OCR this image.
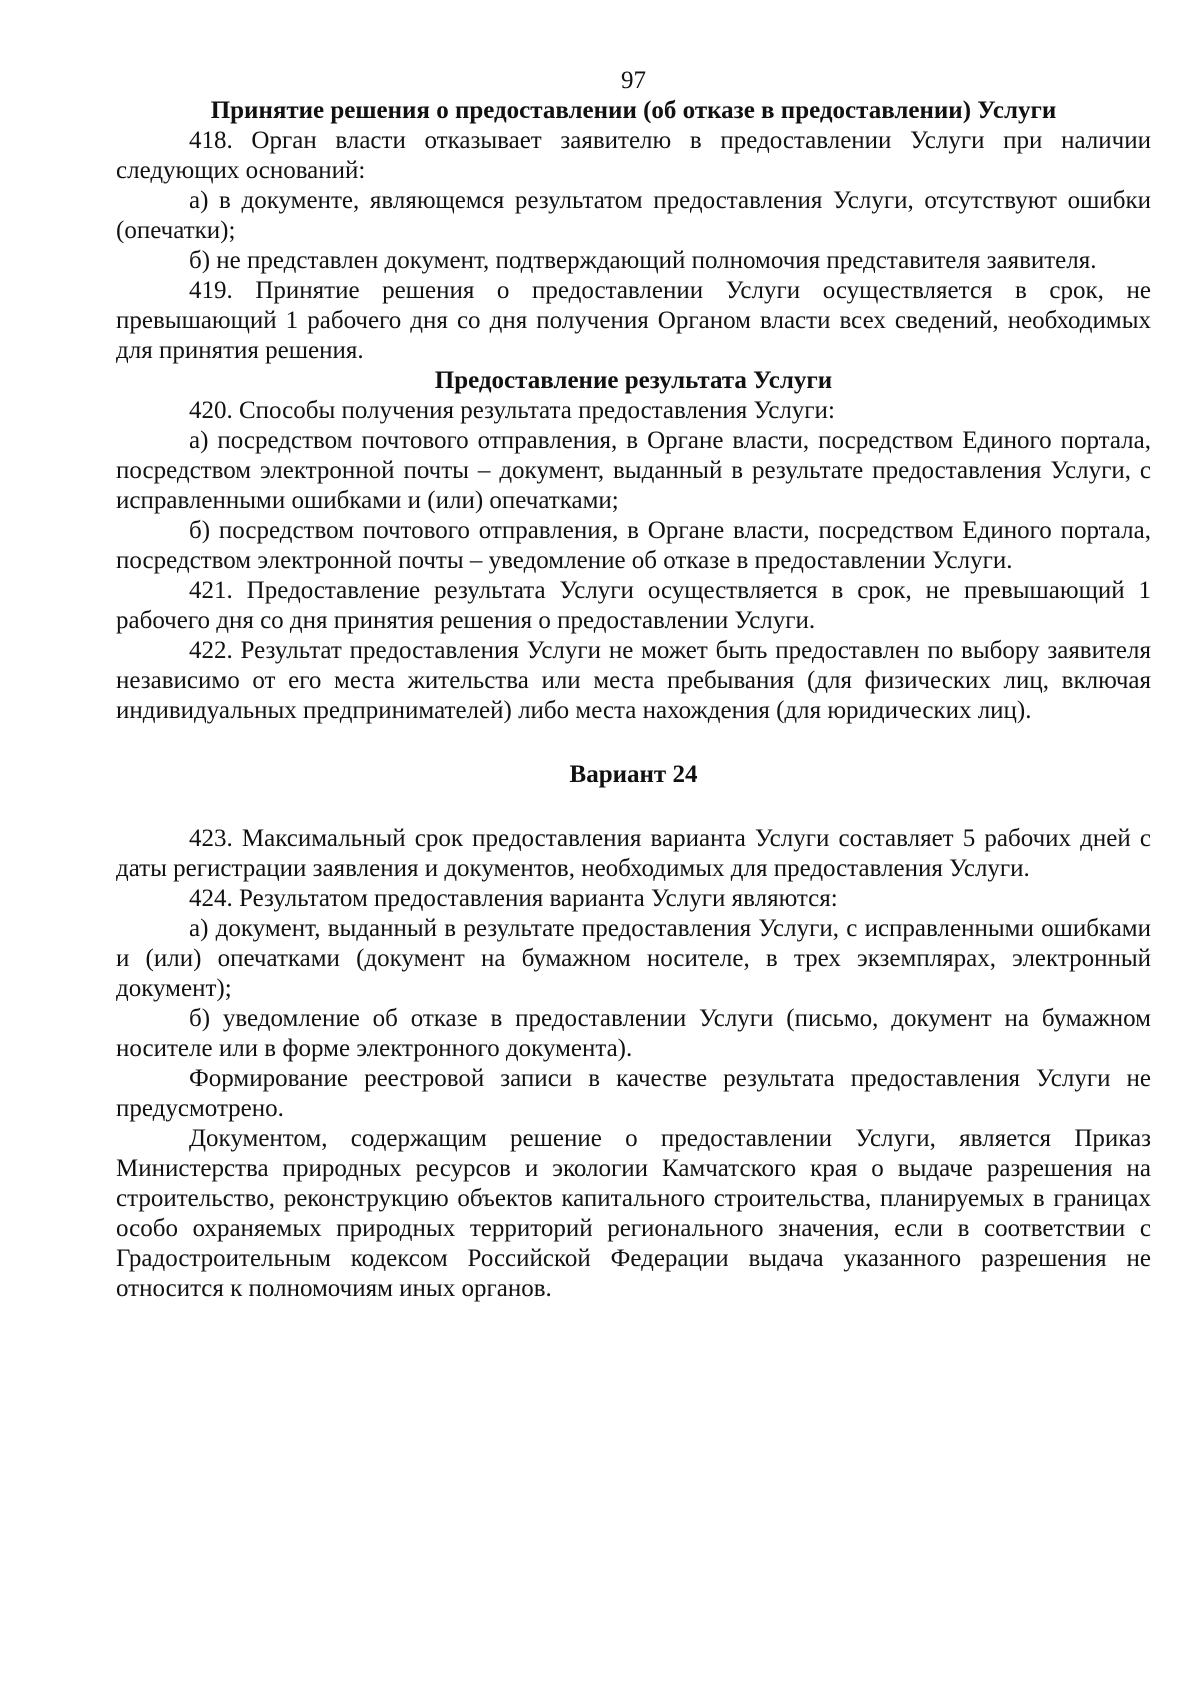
97

Принятие решения о предоставлении (об отказе в предоставлении) Услуги

418. Орган власти отказывает заявителю в предоставлении Услуги при наличии следующих оснований:

а) в документе, являющемся результатом предоставления Услуги, отсутствуют ошибки (опечатки);

б) не представлен документ, подтверждающий полномочия представителя заявителя.

419. Принятие решения о предоставлении Услуги осуществляется в срок, не превышающий 1 рабочего дня со дня получения Органом власти всех сведений, необходимых для принятия решения.

Предоставление результата Услуги

420. Способы получения результата предоставления Услуги:

а) посредством почтового отправления, в Органе власти, посредством Единого портала, посредством электронной почты – документ, выданный в результате предоставления Услуги, с исправленными ошибками и (или) опечатками;

б) посредством почтового отправления, в Органе власти, посредством Единого портала, посредством электронной почты – уведомление об отказе в предоставлении Услуги.

421. Предоставление результата Услуги осуществляется в срок, не превышающий 1 рабочего дня со дня принятия решения о предоставлении Услуги.

422. Результат предоставления Услуги не может быть предоставлен по выбору заявителя независимо от его места жительства или места пребывания (для физических лиц, включая индивидуальных предпринимателей) либо места нахождения (для юридических лиц).

Вариант 24

423. Максимальный срок предоставления варианта Услуги составляет 5 рабочих дней с даты регистрации заявления и документов, необходимых для предоставления Услуги.

424. Результатом предоставления варианта Услуги являются:

а) документ, выданный в результате предоставления Услуги, с исправленными ошибками и (или) опечатками (документ на бумажном носителе, в трех экземплярах, электронный документ);

б) уведомление об отказе в предоставлении Услуги (письмо, документ на бумажном носителе или в форме электронного документа).

Формирование реестровой записи в качестве результата предоставления Услуги не предусмотрено.

Документом, содержащим решение о предоставлении Услуги, является Приказ Министерства природных ресурсов и экологии Камчатского края о выдаче разрешения на строительство, реконструкцию объектов капитального строительства, планируемых в границах особо охраняемых природных территорий регионального значения, если в соответствии с Градостроительным кодексом Российской Федерации выдача указанного разрешения не относится к полномочиям иных органов.
